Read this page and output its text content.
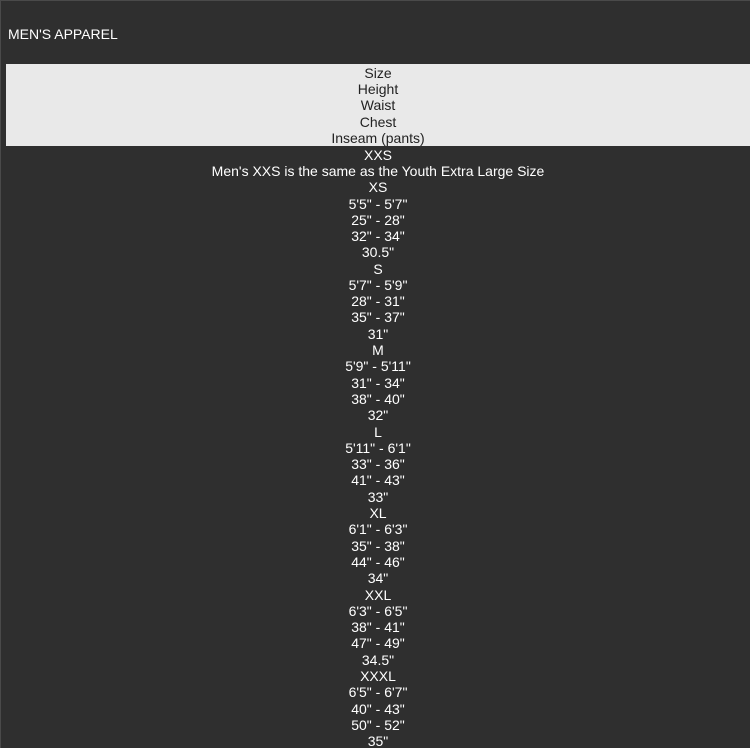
MEN'S APPAREL
Size
Height
Waist
Chest
Inseam (pants)
XXS
Men's XXS is the same as the Youth Extra Large Size
XS
5'5" - 5'7"
25" - 28"
32" - 34"
30.5"
S
5'7" - 5'9"
28" - 31"
35" - 37"
31"
M
5'9" - 5'11"
31" - 34"
38" - 40"
32"
L
5'11" - 6'1"
33" - 36"
41" - 43"
33"
XL
6'1" - 6'3"
35" - 38"
44" - 46"
34"
XXL
6'3" - 6'5"
38" - 41"
47" - 49"
34.5"
XXXL
6'5" - 6'7"
40" - 43"
50" - 52"
35"
